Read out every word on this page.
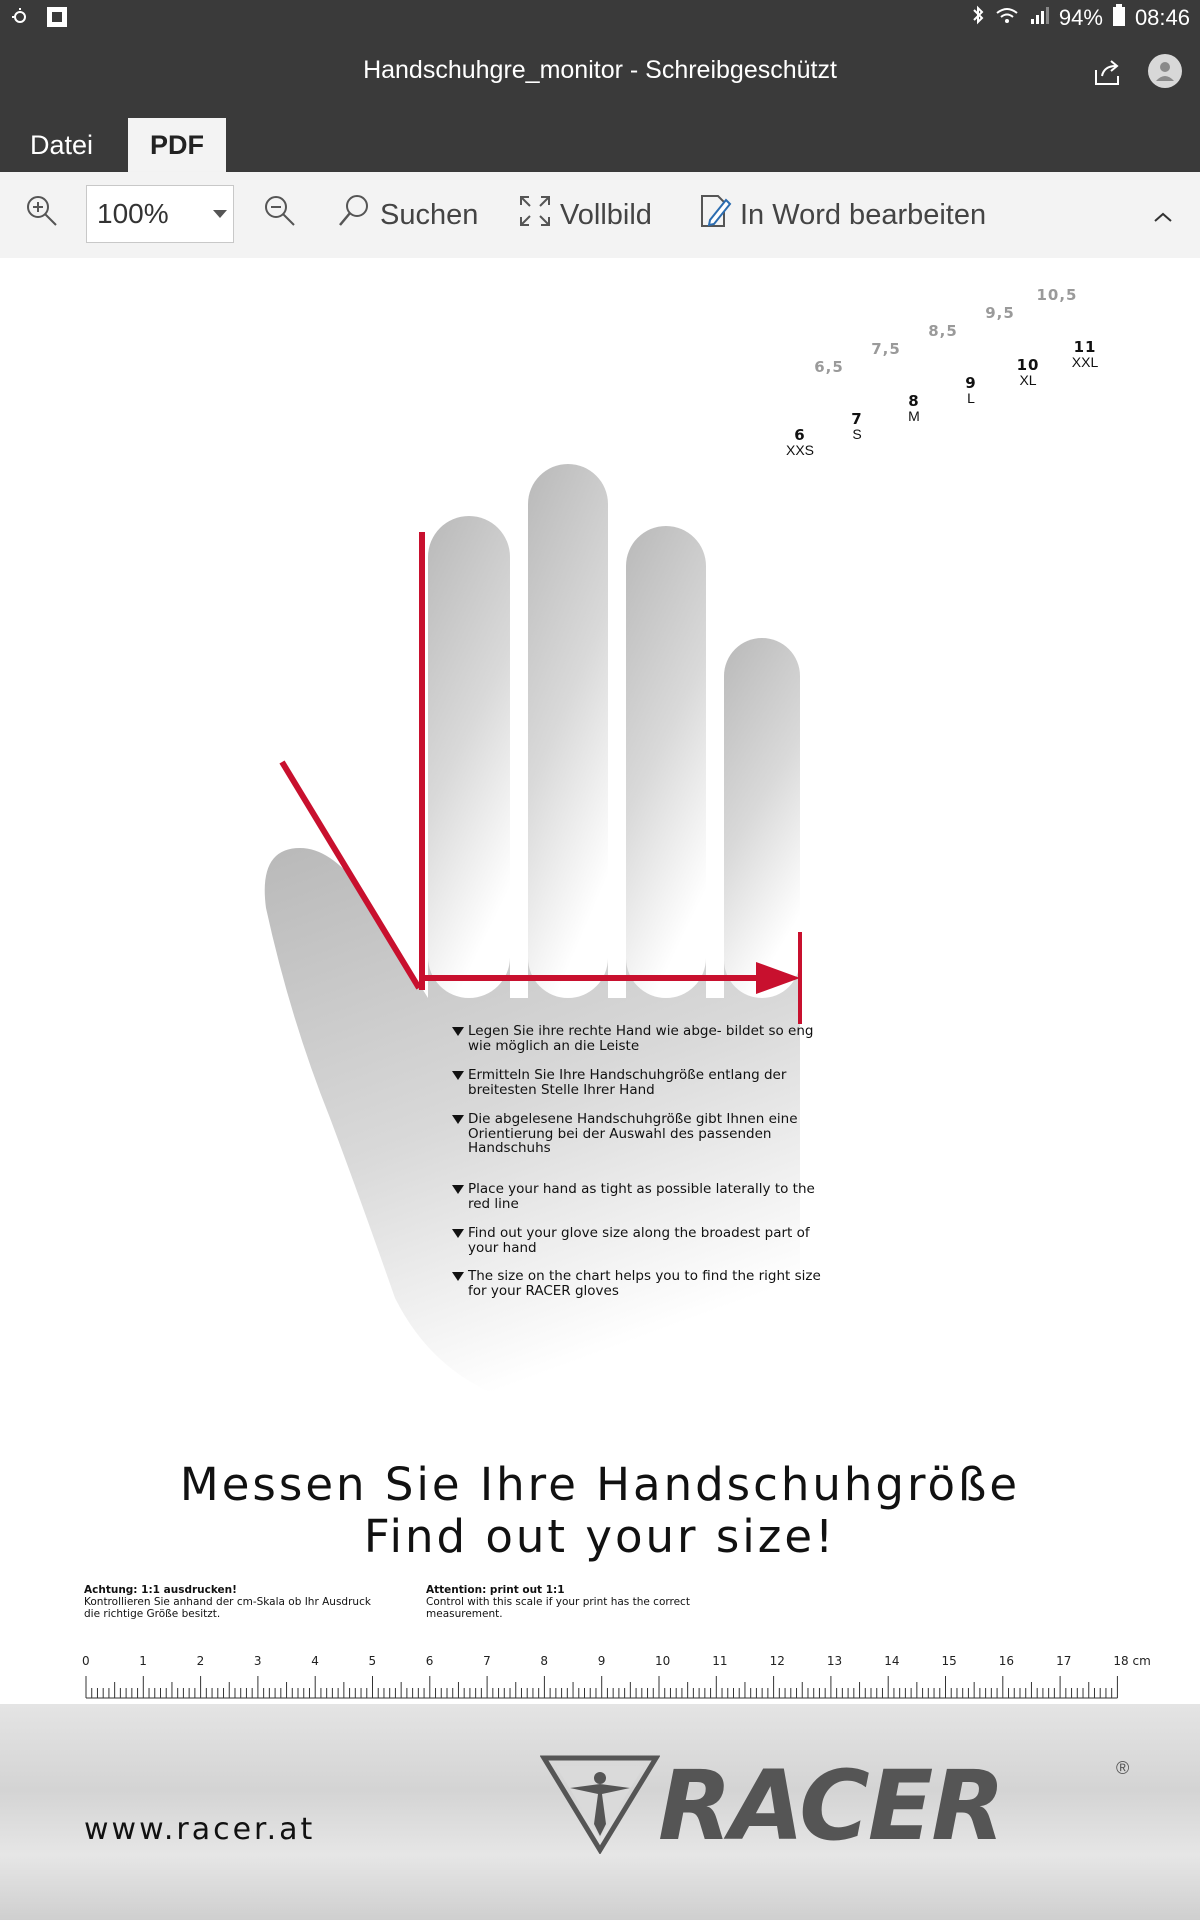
94% 08:46
Handschuhgre_monitor - Schreibgeschützt
Datei	PDF
100%	Suchen	Vollbild	In Word bearbeiten
6
XXS
7
S
8
M
9
L
10
XL
11
XXL
6,5
7,5
8,5
9,5
10,5
Legen Sie ihre rechte Hand wie abge- bildet so eng wie möglich an die Leiste
Ermitteln Sie Ihre Handschuhgröße entlang der breitesten Stelle Ihrer Hand
Die abgelesene Handschuhgröße gibt Ihnen eine Orientierung bei der Auswahl des passenden Handschuhs
Place your hand as tight as possible laterally to the red line
Find out your glove size along the broadest part of your hand
The size on the chart helps you to find the right size for your RACER gloves
Messen Sie Ihre Handschuhgröße
Find out your size!
Achtung: 1:1 ausdrucken!
Kontrollieren Sie anhand der cm-Skala ob Ihr Ausdruck die richtige Größe besitzt.
Attention: print out 1:1
Control with this scale if your print has the correct measurement.
0	1	2	3	4	5	6	7	8	9	10	11	12	13	14	15	16	17	18 cm
www.racer.at	RACER	®
